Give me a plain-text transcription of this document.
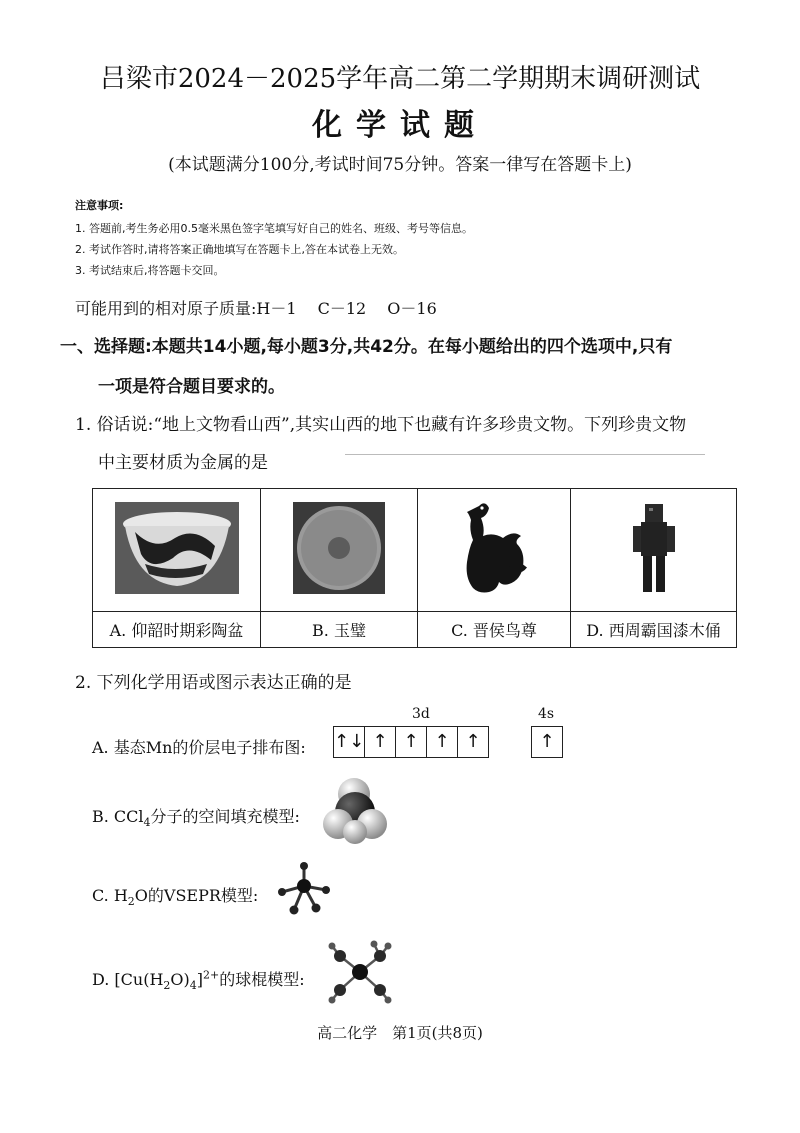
吕梁市2024－2025学年高二第二学期期末调研测试
化学试题
(本试题满分100分,考试时间75分钟。答案一律写在答题卡上)
注意事项:
1. 答题前,考生务必用0.5毫米黑色签字笔填写好自己的姓名、班级、考号等信息。
2. 考试作答时,请将答案正确地填写在答题卡上,答在本试卷上无效。
3. 考试结束后,将答题卡交回。
可能用到的相对原子质量:H－1　 C－12　 O－16
一、选择题:本题共14小题,每小题3分,共42分。在每小题给出的四个选项中,只有
一项是符合题目要求的。
1. 俗话说:“地上文物看山西”,其实山西的地下也藏有许多珍贵文物。下列珍贵文物
中主要材质为金属的是

A. 仰韶时期彩陶盆	B. 玉璧	C. 晋侯鸟尊	D. 西周霸国漆木俑
2. 下列化学用语或图示表达正确的是
A. 基态Mn的价层电子排布图:
3d	4s
↑↓ ↑ ↑ ↑ ↑	↑
B. CCl$_4$分子的空间填充模型:
C. $H_2O$的VSEPR模型:
D. $[Cu(H_2O)_4]^{2+}$的球棍模型:
高二化学　第1页(共8页)
